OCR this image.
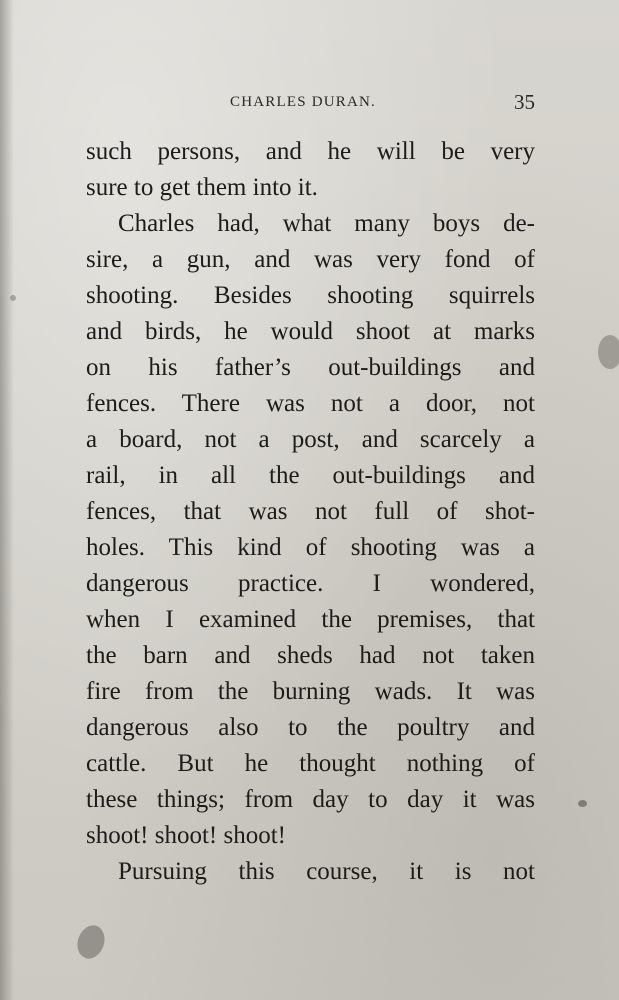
CHARLES DURAN.	35
such persons, and he will be very
sure to get them into it.
Charles had, what many boys de-
sire, a gun, and was very fond of
shooting. Besides shooting squirrels
and birds, he would shoot at marks
on his father’s out-buildings and
fences. There was not a door, not
a board, not a post, and scarcely a
rail, in all the out-buildings and
fences, that was not full of shot-
holes. This kind of shooting was a
dangerous practice. I wondered,
when I examined the premises, that
the barn and sheds had not taken
fire from the burning wads. It was
dangerous also to the poultry and
cattle. But he thought nothing of
these things; from day to day it was
shoot! shoot! shoot!
Pursuing this course, it is not
